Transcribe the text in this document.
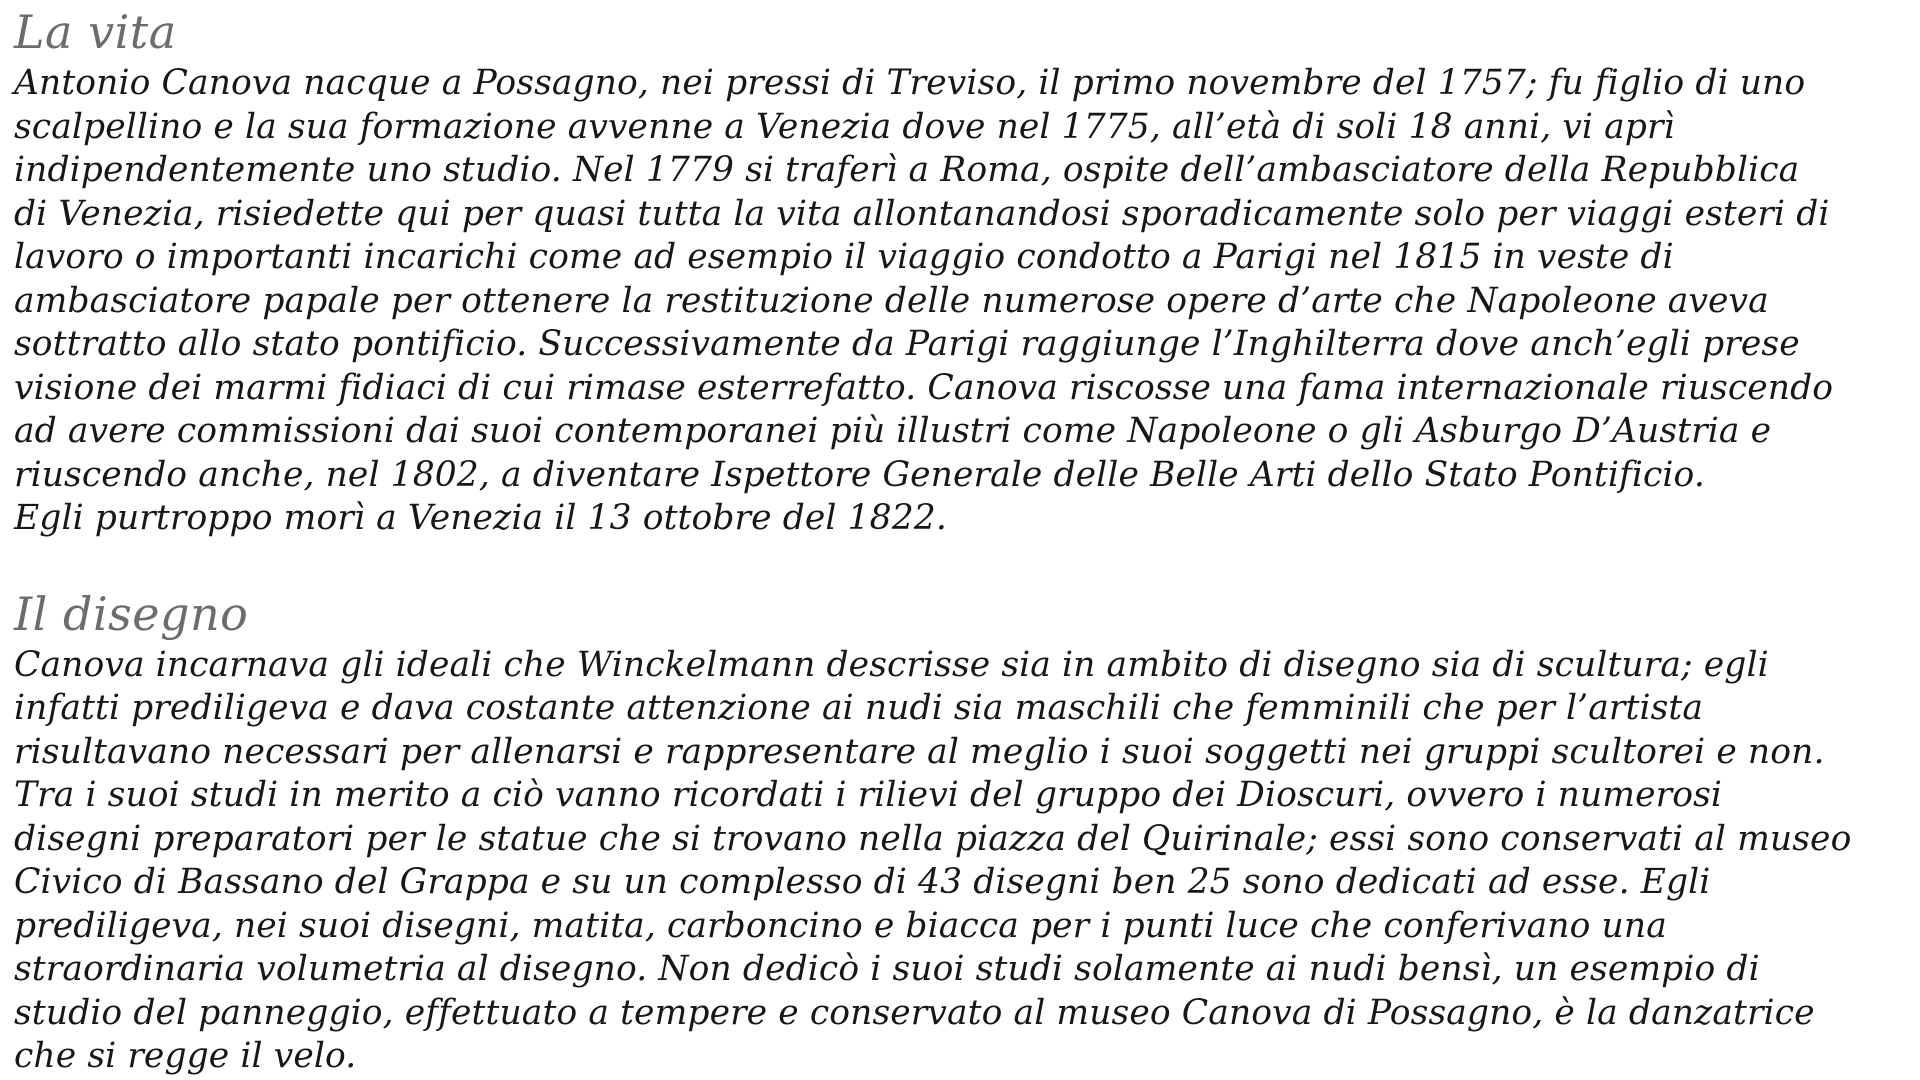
La vita

Antonio Canova nacque a Possagno, nei pressi di Treviso, il primo novembre del 1757; fu figlio di uno
scalpellino e la sua formazione avvenne a Venezia dove nel 1775, all’età di soli 18 anni, vi aprì
indipendentemente uno studio. Nel 1779 si traferì a Roma, ospite dell’ambasciatore della Repubblica
di Venezia, risiedette qui per quasi tutta la vita allontanandosi sporadicamente solo per viaggi esteri di
lavoro o importanti incarichi come ad esempio il viaggio condotto a Parigi nel 1815 in veste di
ambasciatore papale per ottenere la restituzione delle numerose opere d’arte che Napoleone aveva
sottratto allo stato pontificio. Successivamente da Parigi raggiunge l’Inghilterra dove anch’egli prese
visione dei marmi fidiaci di cui rimase esterrefatto. Canova riscosse una fama internazionale riuscendo
ad avere commissioni dai suoi contemporanei più illustri come Napoleone o gli Asburgo D’Austria e
riuscendo anche, nel 1802, a diventare Ispettore Generale delle Belle Arti dello Stato Pontificio.
Egli purtroppo morì a Venezia il 13 ottobre del 1822.

Il disegno

Canova incarnava gli ideali che Winckelmann descrisse sia in ambito di disegno sia di scultura; egli
infatti prediligeva e dava costante attenzione ai nudi sia maschili che femminili che per l’artista
risultavano necessari per allenarsi e rappresentare al meglio i suoi soggetti nei gruppi scultorei e non.
Tra i suoi studi in merito a ciò vanno ricordati i rilievi del gruppo dei Dioscuri, ovvero i numerosi
disegni preparatori per le statue che si trovano nella piazza del Quirinale; essi sono conservati al museo
Civico di Bassano del Grappa e su un complesso di 43 disegni ben 25 sono dedicati ad esse. Egli
prediligeva, nei suoi disegni, matita, carboncino e biacca per i punti luce che conferivano una
straordinaria volumetria al disegno. Non dedicò i suoi studi solamente ai nudi bensì, un esempio di
studio del panneggio, effettuato a tempere e conservato al museo Canova di Possagno, è la danzatrice
che si regge il velo.
